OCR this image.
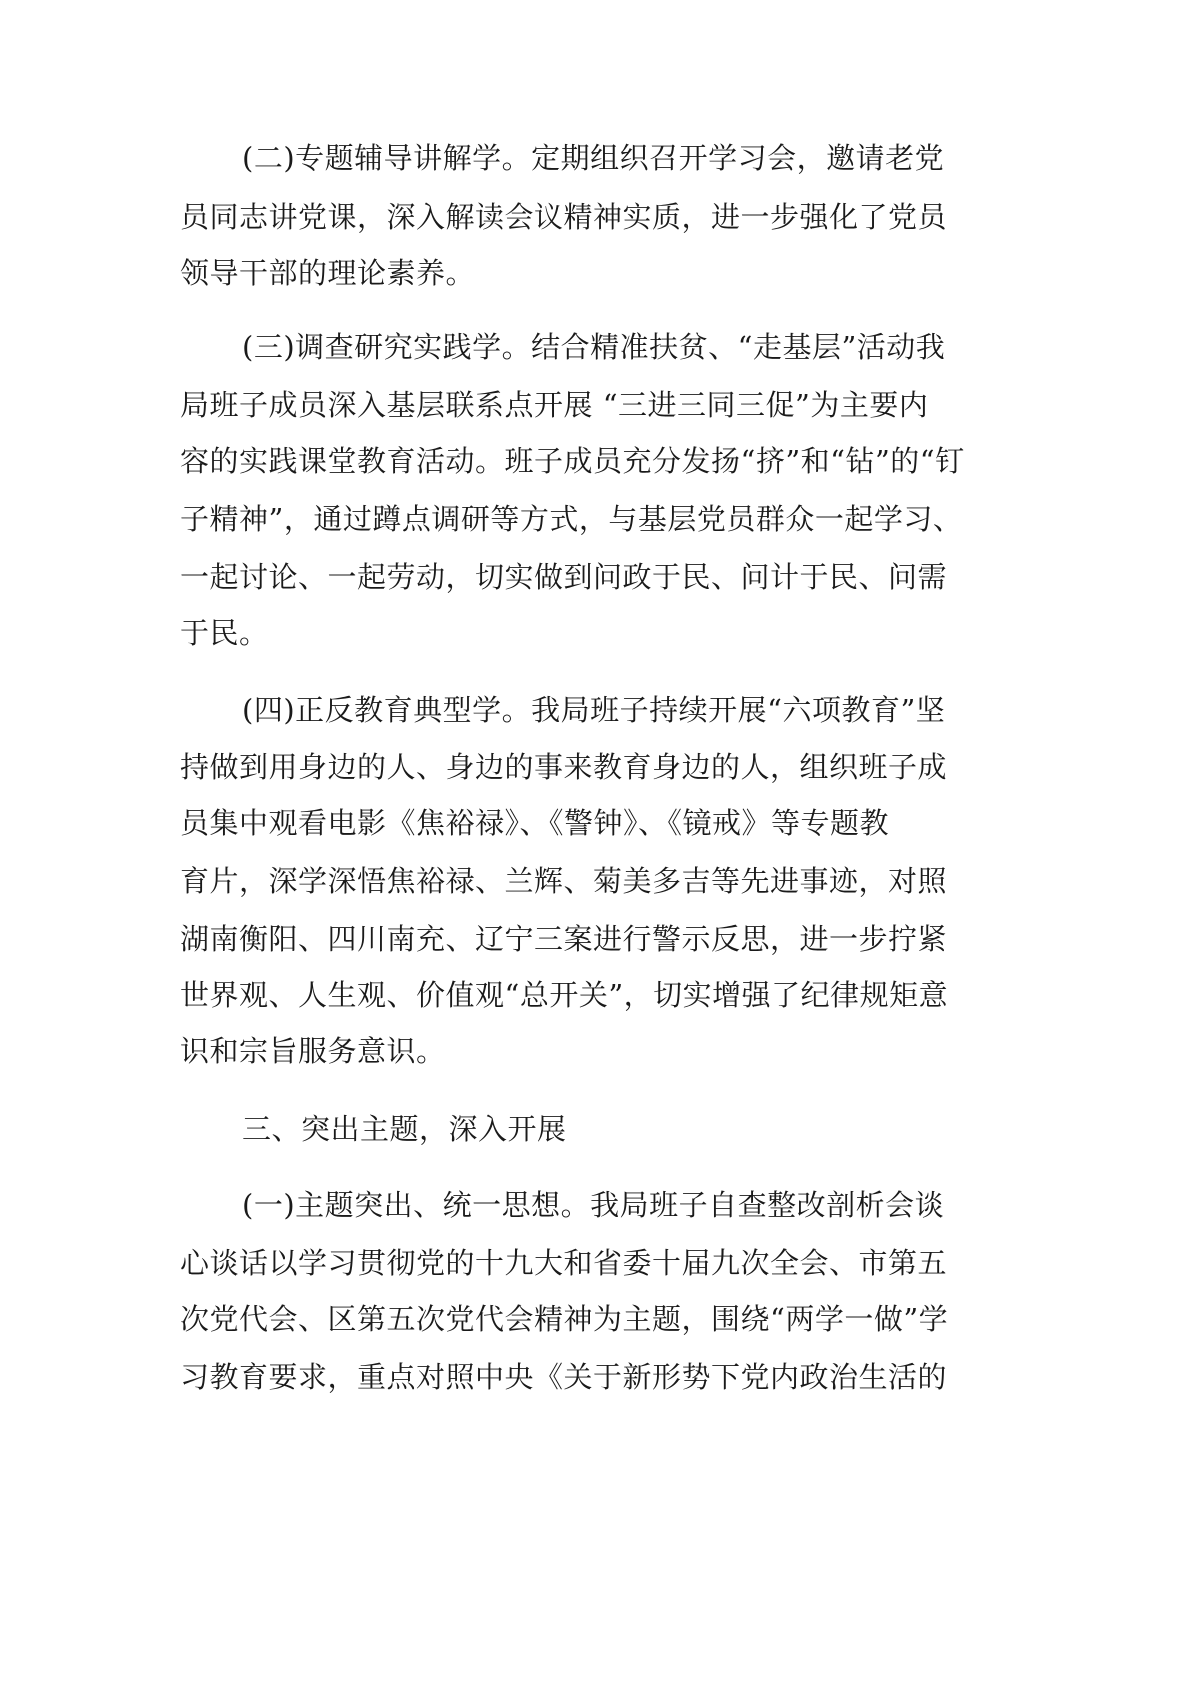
(二)专题辅导讲解学。定期组织召开学习会，邀请老党
员同志讲党课，深入解读会议精神实质，进一步强化了党员
领导干部的理论素养。
(三)调查研究实践学。结合精准扶贫、“走基层”活动我
局班子成员深入基层联系点开展 “三进三同三促”为主要内
容的实践课堂教育活动。班子成员充分发扬“挤”和“钻”的“钉
子精神”，通过蹲点调研等方式，与基层党员群众一起学习、
一起讨论、一起劳动，切实做到问政于民、问计于民、问需
于民。
(四)正反教育典型学。我局班子持续开展“六项教育”坚
持做到用身边的人、身边的事来教育身边的人，组织班子成
员集中观看电影《焦裕禄》、《警钟》、《镜戒》等专题教
育片，深学深悟焦裕禄、兰辉、菊美多吉等先进事迹，对照
湖南衡阳、四川南充、辽宁三案进行警示反思，进一步拧紧
世界观、人生观、价值观“总开关”，切实增强了纪律规矩意
识和宗旨服务意识。
三、突出主题，深入开展
(一)主题突出、统一思想。我局班子自查整改剖析会谈
心谈话以学习贯彻党的十九大和省委十届九次全会、市第五
次党代会、区第五次党代会精神为主题，围绕“两学一做”学
习教育要求，重点对照中央《关于新形势下党内政治生活的
